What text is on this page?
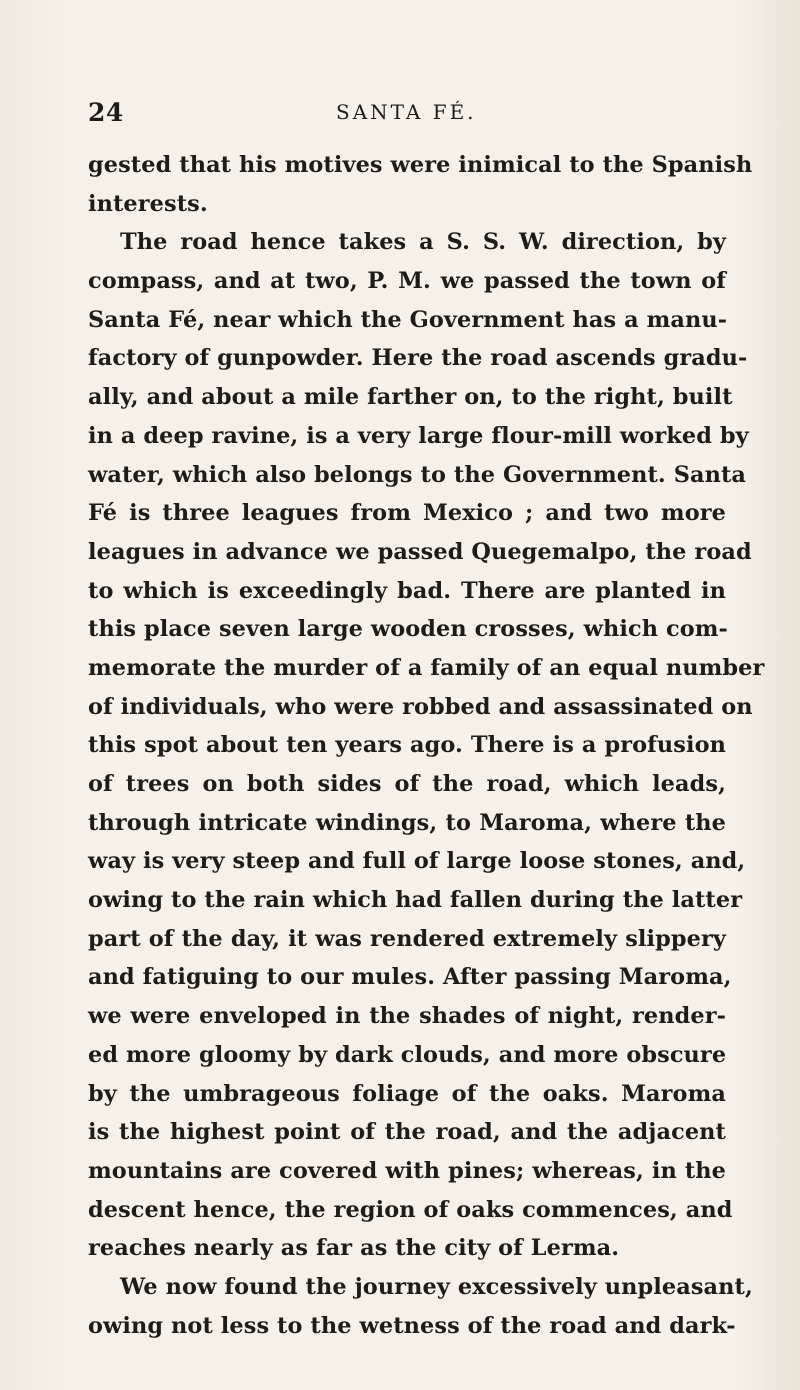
24	SANTA FÉ.
gested that his motives were inimical to the Spanish
interests.
The road hence takes a S. S. W. direction, by
compass, and at two, P. M. we passed the town of
Santa Fé, near which the Government has a manu-
factory of gunpowder. Here the road ascends gradu-
ally, and about a mile farther on, to the right, built
in a deep ravine, is a very large flour-mill worked by
water, which also belongs to the Government. Santa
Fé is three leagues from Mexico ; and two more
leagues in advance we passed Quegemalpo, the road
to which is exceedingly bad. There are planted in
this place seven large wooden crosses, which com-
memorate the murder of a family of an equal number
of individuals, who were robbed and assassinated on
this spot about ten years ago. There is a profusion
of trees on both sides of the road, which leads,
through intricate windings, to Maroma, where the
way is very steep and full of large loose stones, and,
owing to the rain which had fallen during the latter
part of the day, it was rendered extremely slippery
and fatiguing to our mules. After passing Maroma,
we were enveloped in the shades of night, render-
ed more gloomy by dark clouds, and more obscure
by the umbrageous foliage of the oaks. Maroma
is the highest point of the road, and the adjacent
mountains are covered with pines; whereas, in the
descent hence, the region of oaks commences, and
reaches nearly as far as the city of Lerma.
We now found the journey excessively unpleasant,
owing not less to the wetness of the road and dark-
